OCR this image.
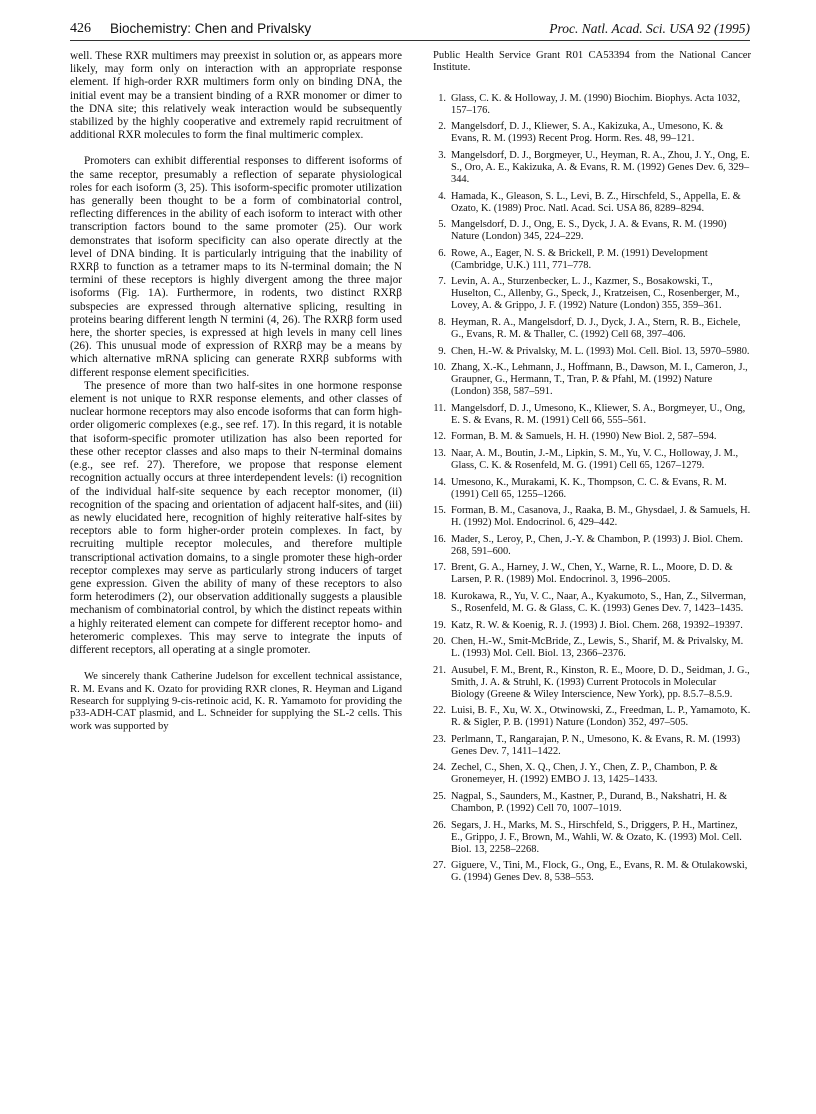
426 Biochemistry: Chen and Privalsky	Proc. Natl. Acad. Sci. USA 92 (1995)

well. These RXR multimers may preexist in solution or, as appears more likely, may form only on interaction with an appropriate response element. If high-order RXR multimers form only on binding DNA, the initial event may be a transient binding of a RXR monomer or dimer to the DNA site; this relatively weak interaction would be subsequently stabilized by the highly cooperative and extremely rapid recruitment of additional RXR molecules to form the final multimeric complex.

Promoters can exhibit differential responses to different isoforms of the same receptor, presumably a reflection of separate physiological roles for each isoform (3, 25). This isoform-specific promoter utilization has generally been thought to be a form of combinatorial control, reflecting differences in the ability of each isoform to interact with other transcription factors bound to the same promoter (25). Our work demonstrates that isoform specificity can also operate directly at the level of DNA binding. It is particularly intriguing that the inability of RXRβ to function as a tetramer maps to its N-terminal domain; the N termini of these receptors is highly divergent among the three major isoforms (Fig. 1A). Furthermore, in rodents, two distinct RXRβ subspecies are expressed through alternative splicing, resulting in proteins bearing different length N termini (4, 26). The RXRβ form used here, the shorter species, is expressed at high levels in many cell lines (26). This unusual mode of expression of RXRβ may be a means by which alternative mRNA splicing can generate RXRβ subforms with different response element specificities.

The presence of more than two half-sites in one hormone response element is not unique to RXR response elements, and other classes of nuclear hormone receptors may also encode isoforms that can form high-order oligomeric complexes (e.g., see ref. 17). In this regard, it is notable that isoform-specific promoter utilization has also been reported for these other receptor classes and also maps to their N-terminal domains (e.g., see ref. 27). Therefore, we propose that response element recognition actually occurs at three interdependent levels: (i) recognition of the individual half-site sequence by each receptor monomer, (ii) recognition of the spacing and orientation of adjacent half-sites, and (iii) as newly elucidated here, recognition of highly reiterative half-sites by receptors able to form higher-order protein complexes. In fact, by recruiting multiple receptor molecules, and therefore multiple transcriptional activation domains, to a single promoter these high-order receptor complexes may serve as particularly strong inducers of target gene expression. Given the ability of many of these receptors to also form heterodimers (2), our observation additionally suggests a plausible mechanism of combinatorial control, by which the distinct repeats within a highly reiterated element can compete for different receptor homo- and heteromeric complexes. This may serve to integrate the inputs of different receptors, all operating at a single promoter.

We sincerely thank Catherine Judelson for excellent technical assistance, R. M. Evans and K. Ozato for providing RXR clones, R. Heyman and Ligand Research for supplying 9-cis-retinoic acid, K. R. Yamamoto for providing the p33-ADH-CAT plasmid, and L. Schneider for supplying the SL-2 cells. This work was supported by

Public Health Service Grant R01 CA53394 from the National Cancer Institute.

1. Glass, C. K. & Holloway, J. M. (1990) Biochim. Biophys. Acta 1032, 157–176.
2. Mangelsdorf, D. J., Kliewer, S. A., Kakizuka, A., Umesono, K. & Evans, R. M. (1993) Recent Prog. Horm. Res. 48, 99–121.
3. Mangelsdorf, D. J., Borgmeyer, U., Heyman, R. A., Zhou, J. Y., Ong, E. S., Oro, A. E., Kakizuka, A. & Evans, R. M. (1992) Genes Dev. 6, 329–344.
4. Hamada, K., Gleason, S. L., Levi, B. Z., Hirschfeld, S., Appella, E. & Ozato, K. (1989) Proc. Natl. Acad. Sci. USA 86, 8289–8294.
5. Mangelsdorf, D. J., Ong, E. S., Dyck, J. A. & Evans, R. M. (1990) Nature (London) 345, 224–229.
6. Rowe, A., Eager, N. S. & Brickell, P. M. (1991) Development (Cambridge, U.K.) 111, 771–778.
7. Levin, A. A., Sturzenbecker, L. J., Kazmer, S., Bosakowski, T., Huselton, C., Allenby, G., Speck, J., Kratzeisen, C., Rosenberger, M., Lovey, A. & Grippo, J. F. (1992) Nature (London) 355, 359–361.
8. Heyman, R. A., Mangelsdorf, D. J., Dyck, J. A., Stern, R. B., Eichele, G., Evans, R. M. & Thaller, C. (1992) Cell 68, 397–406.
9. Chen, H.-W. & Privalsky, M. L. (1993) Mol. Cell. Biol. 13, 5970–5980.
10. Zhang, X.-K., Lehmann, J., Hoffmann, B., Dawson, M. I., Cameron, J., Graupner, G., Hermann, T., Tran, P. & Pfahl, M. (1992) Nature (London) 358, 587–591.
11. Mangelsdorf, D. J., Umesono, K., Kliewer, S. A., Borgmeyer, U., Ong, E. S. & Evans, R. M. (1991) Cell 66, 555–561.
12. Forman, B. M. & Samuels, H. H. (1990) New Biol. 2, 587–594.
13. Naar, A. M., Boutin, J.-M., Lipkin, S. M., Yu, V. C., Holloway, J. M., Glass, C. K. & Rosenfeld, M. G. (1991) Cell 65, 1267–1279.
14. Umesono, K., Murakami, K. K., Thompson, C. C. & Evans, R. M. (1991) Cell 65, 1255–1266.
15. Forman, B. M., Casanova, J., Raaka, B. M., Ghysdael, J. & Samuels, H. H. (1992) Mol. Endocrinol. 6, 429–442.
16. Mader, S., Leroy, P., Chen, J.-Y. & Chambon, P. (1993) J. Biol. Chem. 268, 591–600.
17. Brent, G. A., Harney, J. W., Chen, Y., Warne, R. L., Moore, D. D. & Larsen, P. R. (1989) Mol. Endocrinol. 3, 1996–2005.
18. Kurokawa, R., Yu, V. C., Naar, A., Kyakumoto, S., Han, Z., Silverman, S., Rosenfeld, M. G. & Glass, C. K. (1993) Genes Dev. 7, 1423–1435.
19. Katz, R. W. & Koenig, R. J. (1993) J. Biol. Chem. 268, 19392–19397.
20. Chen, H.-W., Smit-McBride, Z., Lewis, S., Sharif, M. & Privalsky, M. L. (1993) Mol. Cell. Biol. 13, 2366–2376.
21. Ausubel, F. M., Brent, R., Kinston, R. E., Moore, D. D., Seidman, J. G., Smith, J. A. & Struhl, K. (1993) Current Protocols in Molecular Biology (Greene & Wiley Interscience, New York), pp. 8.5.7–8.5.9.
22. Luisi, B. F., Xu, W. X., Otwinowski, Z., Freedman, L. P., Yamamoto, K. R. & Sigler, P. B. (1991) Nature (London) 352, 497–505.
23. Perlmann, T., Rangarajan, P. N., Umesono, K. & Evans, R. M. (1993) Genes Dev. 7, 1411–1422.
24. Zechel, C., Shen, X. Q., Chen, J. Y., Chen, Z. P., Chambon, P. & Gronemeyer, H. (1992) EMBO J. 13, 1425–1433.
25. Nagpal, S., Saunders, M., Kastner, P., Durand, B., Nakshatri, H. & Chambon, P. (1992) Cell 70, 1007–1019.
26. Segars, J. H., Marks, M. S., Hirschfeld, S., Driggers, P. H., Martinez, E., Grippo, J. F., Brown, M., Wahli, W. & Ozato, K. (1993) Mol. Cell. Biol. 13, 2258–2268.
27. Giguere, V., Tini, M., Flock, G., Ong, E., Evans, R. M. & Otulakowski, G. (1994) Genes Dev. 8, 538–553.
